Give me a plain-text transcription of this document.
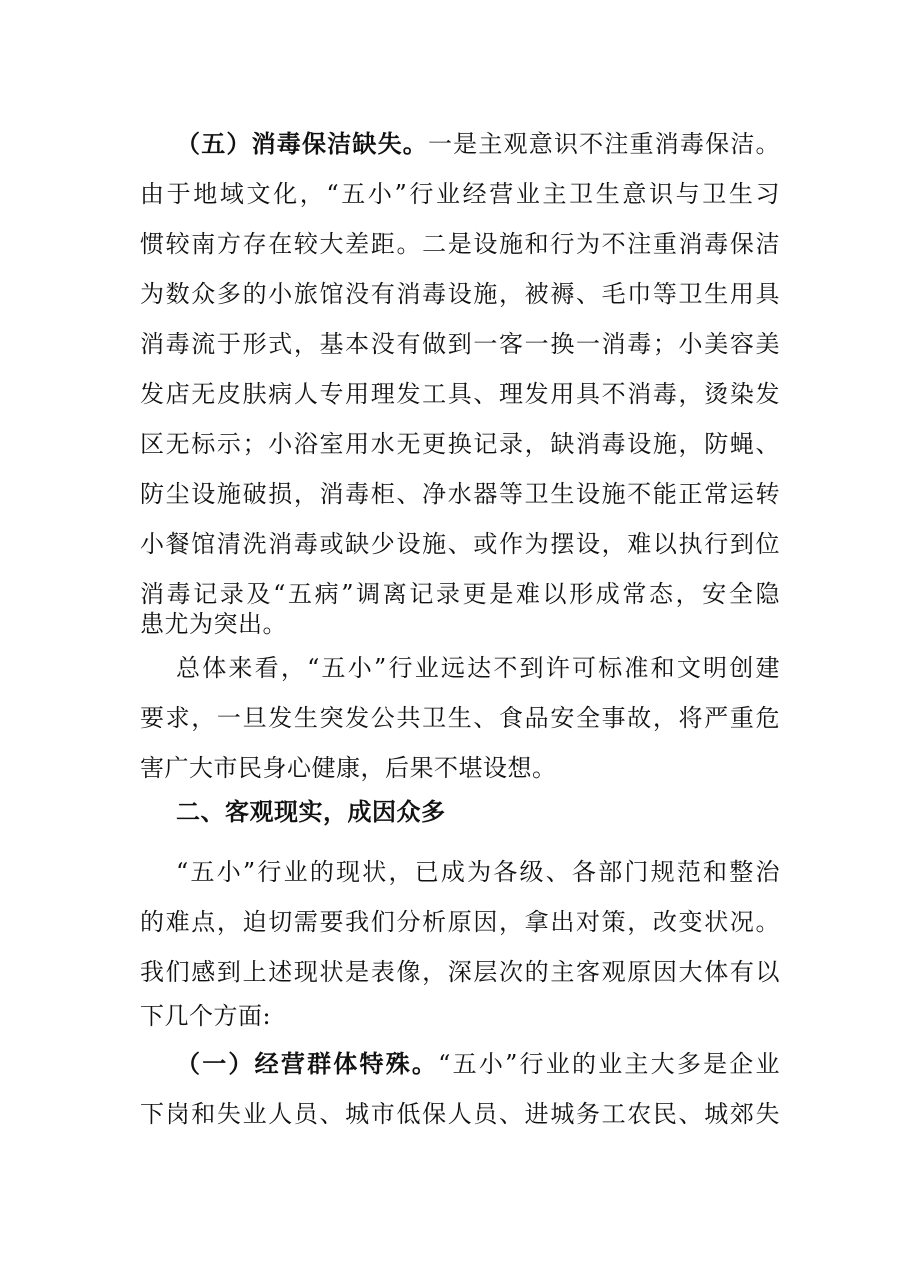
（五）消毒保洁缺失。一是主观意识不注重消毒保洁。
由于地域文化，“五小”行业经营业主卫生意识与卫生习
惯较南方存在较大差距。二是设施和行为不注重消毒保洁
为数众多的小旅馆没有消毒设施，被褥、毛巾等卫生用具
消毒流于形式，基本没有做到一客一换一消毒；小美容美
发店无皮肤病人专用理发工具、理发用具不消毒，烫染发
区无标示；小浴室用水无更换记录，缺消毒设施，防蝇、
防尘设施破损，消毒柜、净水器等卫生设施不能正常运转
小餐馆清洗消毒或缺少设施、或作为摆设，难以执行到位
消毒记录及“五病”调离记录更是难以形成常态，安全隐
患尤为突出。
总体来看，“五小”行业远达不到许可标准和文明创建
要求，一旦发生突发公共卫生、食品安全事故，将严重危
害广大市民身心健康，后果不堪设想。
二、客观现实，成因众多
“五小”行业的现状，已成为各级、各部门规范和整治
的难点，迫切需要我们分析原因，拿出对策，改变状况。
我们感到上述现状是表像，深层次的主客观原因大体有以
下几个方面:
（一）经营群体特殊。“五小”行业的业主大多是企业
下岗和失业人员、城市低保人员、进城务工农民、城郊失
